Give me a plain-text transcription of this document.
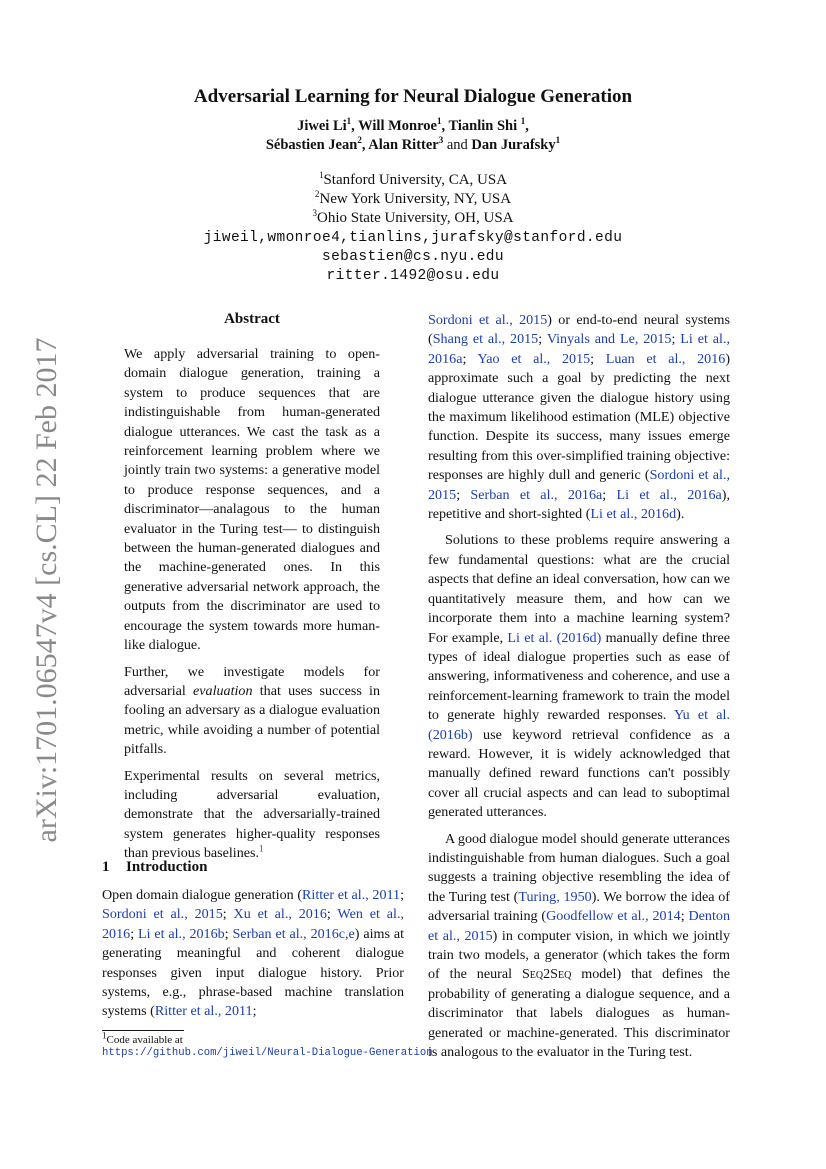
arXiv:1701.06547v4 [cs.CL] 22 Feb 2017
Adversarial Learning for Neural Dialogue Generation
Jiwei Li$^1$, Will Monroe$^1$, Tianlin Shi $^1$,
Sébastien Jean$^2$, Alan Ritter$^3$ and Dan Jurafsky$^1$
$^1$Stanford University, CA, USA
$^2$New York University, NY, USA
$^3$Ohio State University, OH, USA
jiweil,wmonroe4,tianlins,jurafsky@stanford.edu
sebastien@cs.nyu.edu
ritter.1492@osu.edu
Abstract

We apply adversarial training to open-domain dialogue generation, training a system to produce sequences that are indistinguishable from human-generated dialogue utterances. We cast the task as a reinforcement learning problem where we jointly train two systems: a generative model to produce response sequences, and a discriminator—analagous to the human evaluator in the Turing test— to distinguish between the human-generated dialogues and the machine-generated ones. In this generative adversarial network approach, the outputs from the discriminator are used to encourage the system towards more human-like dialogue.

Further, we investigate models for adversarial evaluation that uses success in fooling an adversary as a dialogue evaluation metric, while avoiding a number of potential pitfalls.

Experimental results on several metrics, including adversarial evaluation, demonstrate that the adversarially-trained system generates higher-quality responses than previous baselines.$^1$

1 Introduction

Open domain dialogue generation (Ritter et al., 2011; Sordoni et al., 2015; Xu et al., 2016; Wen et al., 2016; Li et al., 2016b; Serban et al., 2016c,e) aims at generating meaningful and coherent dialogue responses given input dialogue history. Prior systems, e.g., phrase-based machine translation systems (Ritter et al., 2011;

Sordoni et al., 2015) or end-to-end neural systems (Shang et al., 2015; Vinyals and Le, 2015; Li et al., 2016a; Yao et al., 2015; Luan et al., 2016) approximate such a goal by predicting the next dialogue utterance given the dialogue history using the maximum likelihood estimation (MLE) objective function. Despite its success, many issues emerge resulting from this over-simplified training objective: responses are highly dull and generic (Sordoni et al., 2015; Serban et al., 2016a; Li et al., 2016a), repetitive and short-sighted (Li et al., 2016d).

Solutions to these problems require answering a few fundamental questions: what are the crucial aspects that define an ideal conversation, how can we quantitatively measure them, and how can we incorporate them into a machine learning system? For example, Li et al. (2016d) manually define three types of ideal dialogue properties such as ease of answering, informativeness and coherence, and use a reinforcement-learning framework to train the model to generate highly rewarded responses. Yu et al. (2016b) use keyword retrieval confidence as a reward. However, it is widely acknowledged that manually defined reward functions can't possibly cover all crucial aspects and can lead to suboptimal generated utterances.

A good dialogue model should generate utterances indistinguishable from human dialogues. Such a goal suggests a training objective resembling the idea of the Turing test (Turing, 1950). We borrow the idea of adversarial training (Goodfellow et al., 2014; Denton et al., 2015) in computer vision, in which we jointly train two models, a generator (which takes the form of the neural Seq2Seq model) that defines the probability of generating a dialogue sequence, and a discriminator that labels dialogues as human-generated or machine-generated. This discriminator is analogous to the evaluator in the Turing test.

$^1$Code available at
https://github.com/jiweil/Neural-Dialogue-Generation
